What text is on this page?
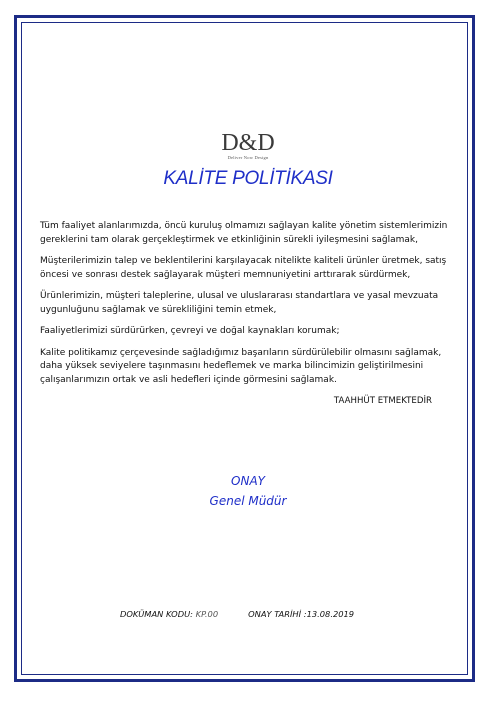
D&D
Deliver Now Design
KALİTE POLİTİKASI

Tüm faaliyet alanlarımızda, öncü kuruluş olmamızı sağlayan kalite yönetim sistemlerimizin gereklerini tam olarak gerçekleştirmek ve etkinliğinin sürekli iyileşmesini sağlamak,

Müşterilerimizin talep ve beklentilerini karşılayacak nitelikte kaliteli ürünler üretmek, satış öncesi ve sonrası destek sağlayarak müşteri memnuniyetini arttırarak sürdürmek,

Ürünlerimizin, müşteri taleplerine, ulusal ve uluslararası standartlara ve yasal mevzuata uygunluğunu sağlamak ve sürekliliğini temin etmek,

Faaliyetlerimizi sürdürürken, çevreyi ve doğal kaynakları korumak;

Kalite politikamız çerçevesinde sağladığımız başarıların sürdürülebilir olmasını sağlamak, daha yüksek seviyelere taşınmasını hedeflemek ve marka bilincimizin geliştirilmesini çalışanlarımızın ortak ve asli hedefleri içinde görmesini sağlamak.

TAAHHÜT ETMEKTEDİR
ONAY
Genel Müdür
DOKÜMAN KODU: KP.00	ONAY TARİHİ :13.08.2019
